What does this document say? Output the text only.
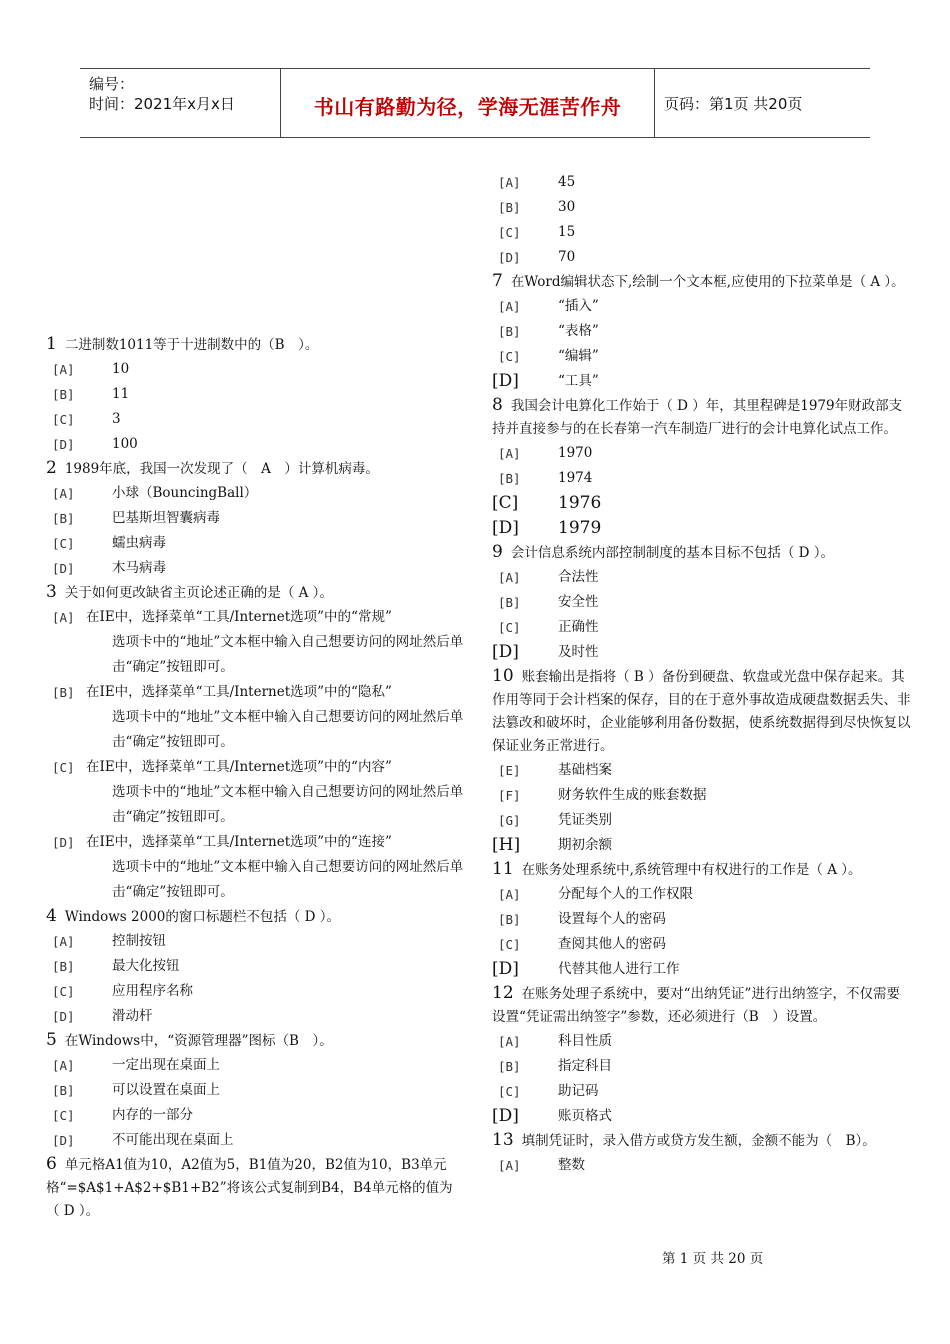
编号：
时间：2021年x月x日	书山有路勤为径，学海无涯苦作舟	页码：第1页 共20页

1 二进制数1011等于十进制数中的（B　）。

[A]	10
[B]	11
[C]	3
[D]	100

2 1989年底，我国一次发现了（　A　）计算机病毒。

[A]	小球（BouncingBall）
[B]	巴基斯坦智囊病毒
[C]	蠕虫病毒
[D]	木马病毒

3 关于如何更改缺省主页论述正确的是（ A ）。

[A] 在IE中，选择菜单“工具/Internet选项”中的“常规”
选项卡中的“地址”文本框中输入自己想要访问的网址然后单击“确定”按钮即可。
[B] 在IE中，选择菜单“工具/Internet选项”中的“隐私”
选项卡中的“地址”文本框中输入自己想要访问的网址然后单击“确定”按钮即可。
[C] 在IE中，选择菜单“工具/Internet选项”中的“内容”
选项卡中的“地址”文本框中输入自己想要访问的网址然后单击“确定”按钮即可。
[D] 在IE中，选择菜单“工具/Internet选项”中的“连接”
选项卡中的“地址”文本框中输入自己想要访问的网址然后单击“确定”按钮即可。

4 Windows 2000的窗口标题栏不包括（ D ）。

[A]	控制按钮
[B]	最大化按钮
[C]	应用程序名称
[D]	滑动杆

5 在Windows中，“资源管理器”图标（B　）。

[A]	一定出现在桌面上
[B]	可以设置在桌面上
[C]	内存的一部分
[D]	不可能出现在桌面上

6 单元格A1值为10，A2值为5，B1值为20，B2值为10，B3单元格“=$A$1+A$2+$B1+B2”将该公式复制到B4，B4单元格的值为（ D ）。

[A]	45
[B]	30
[C]	15
[D]	70

7 在Word编辑状态下,绘制一个文本框,应使用的下拉菜单是（ A ）。

[A]	“插入”
[B]	“表格”
[C]	“编辑”
[D]	“工具”

8 我国会计电算化工作始于（ D ）年，其里程碑是1979年财政部支持并直接参与的在长春第一汽车制造厂进行的会计电算化试点工作。

[A]	1970
[B]	1974
[C] 1976
[D] 1979

9 会计信息系统内部控制制度的基本目标不包括（ D ）。

[A]	合法性
[B]	安全性
[C]	正确性
[D]	及时性

10 账套输出是指将（ B ）备份到硬盘、软盘或光盘中保存起来。其作用等同于会计档案的保存，目的在于意外事故造成硬盘数据丢失、非法篡改和破坏时，企业能够利用备份数据，使系统数据得到尽快恢复以保证业务正常进行。

[E]	基础档案
[F]	财务软件生成的账套数据
[G]	凭证类别
[H]	期初余额

11 在账务处理系统中,系统管理中有权进行的工作是（ A ）。

[A]	分配每个人的工作权限
[B]	设置每个人的密码
[C]	查阅其他人的密码
[D]	代替其他人进行工作

12 在账务处理子系统中，要对“出纳凭证”进行出纳签字，不仅需要设置“凭证需出纳签字”参数，还必须进行（B　）设置。

[A]	科目性质
[B]	指定科目
[C]	助记码
[D]	账页格式

13 填制凭证时，录入借方或贷方发生额，金额不能为（　B）。

[A]	整数
第 1 页 共 20 页
